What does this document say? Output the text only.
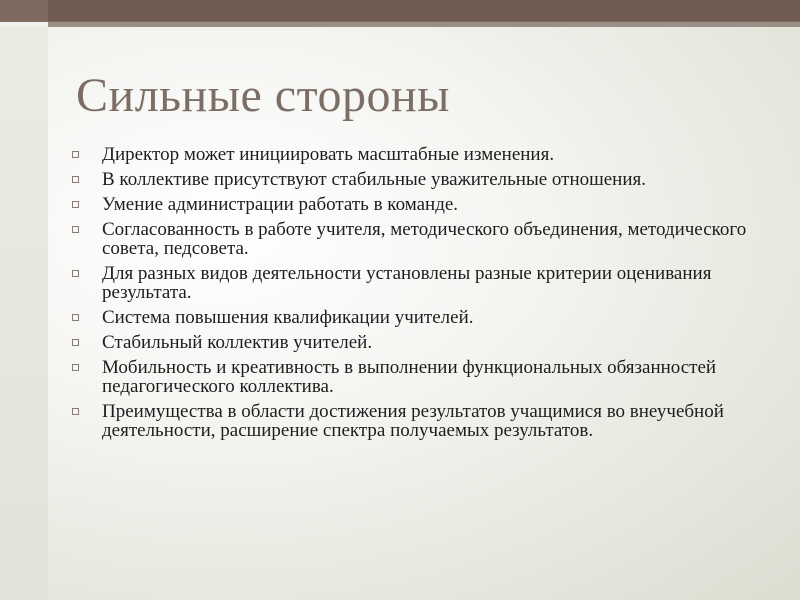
Сильные стороны
Директор может инициировать масштабные изменения.
В коллективе присутствуют стабильные уважительные отношения.
Умение администрации работать в команде.
Согласованность в работе учителя, методического объединения, методического совета, педсовета.
Для разных видов деятельности установлены разные критерии оценивания результата.
Система повышения квалификации учителей.
Стабильный коллектив учителей.
Мобильность и креативность в выполнении функциональных обязанностей педагогического коллектива.
Преимущества в области достижения результатов учащимися во внеучебной деятельности, расширение спектра получаемых результатов.
